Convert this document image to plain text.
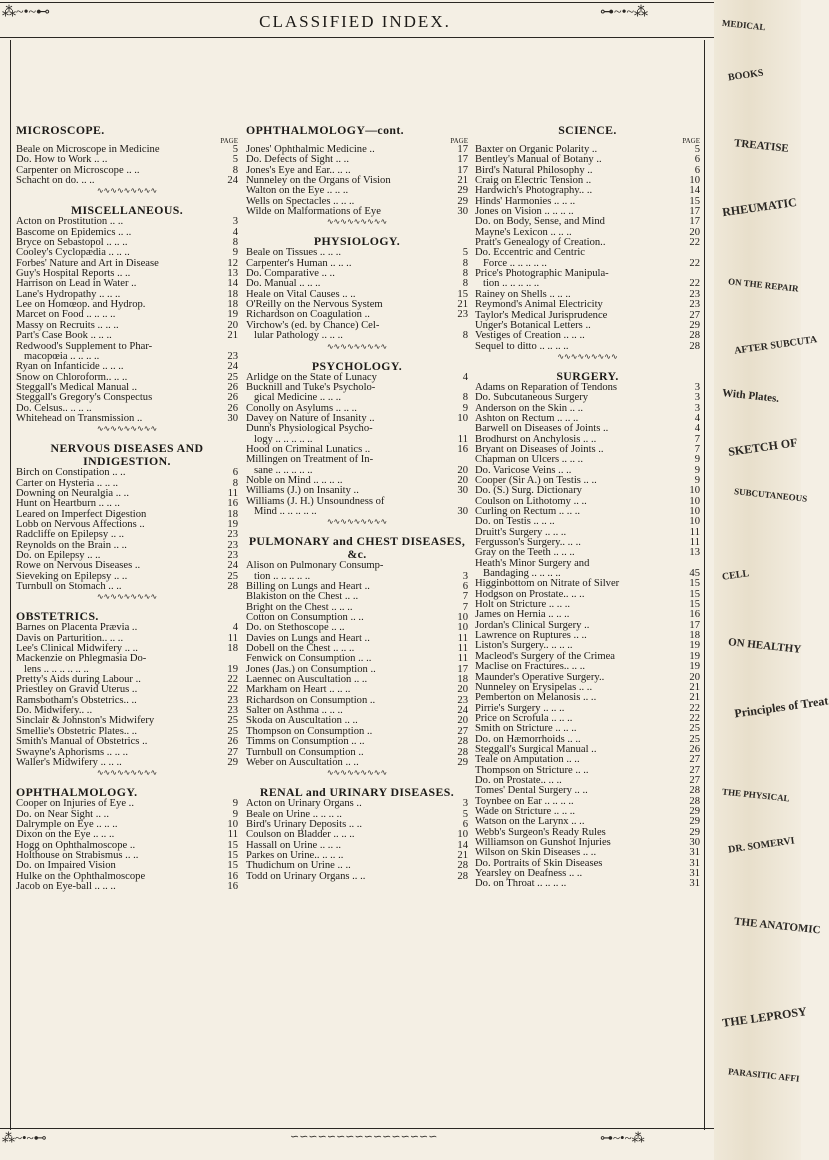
⁂~•~⊷	⊶~•~⁂
CLASSIFIED INDEX.
MICROSCOPE.
PAGE
Beale on Microscope in Medicine	5
Do. How to Work .. ..	5
Carpenter on Microscope .. ..	8
Schacht on do. .. ..	24
∿∿∿∿∿∿∿∿∿
MISCELLANEOUS.
Acton on Prostitution .. ..	3
Bascome on Epidemics .. ..	4
Bryce on Sebastopol .. .. ..	8
Cooley's Cyclopædia .. .. ..	9
Forbes' Nature and Art in Disease	12
Guy's Hospital Reports .. ..	13
Harrison on Lead in Water ..	14
Lane's Hydropathy .. .. ..	18
Lee on Homœop. and Hydrop.	18
Marcet on Food .. .. .. ..	19
Massy on Recruits .. .. ..	20
Part's Case Book .. .. ..	21
Redwood's Supplement to Phar-
macopœia .. .. .. ..	23
Ryan on Infanticide .. .. ..	24
Snow on Chloroform.. .. ..	25
Steggall's Medical Manual ..	26
Steggall's Gregory's Conspectus	26
Do. Celsus.. .. .. ..	26
Whitehead on Transmission ..	30
∿∿∿∿∿∿∿∿∿
NERVOUS DISEASES AND INDIGESTION.
Birch on Constipation .. ..	6
Carter on Hysteria .. .. ..	8
Downing on Neuralgia .. ..	11
Hunt on Heartburn .. .. ..	16
Leared on Imperfect Digestion	18
Lobb on Nervous Affections ..	19
Radcliffe on Epilepsy .. ..	23
Reynolds on the Brain .. ..	23
Do. on Epilepsy .. ..	23
Rowe on Nervous Diseases ..	24
Sieveking on Epilepsy .. ..	25
Turnbull on Stomach .. ..	28
∿∿∿∿∿∿∿∿∿
OBSTETRICS.
Barnes on Placenta Prævia ..	4
Davis on Parturition.. .. ..	11
Lee's Clinical Midwifery .. ..	18
Mackenzie on Phlegmasia Do-
lens .. .. .. .. .. ..	19
Pretty's Aids during Labour ..	22
Priestley on Gravid Uterus ..	22
Ramsbotham's Obstetrics.. ..	23
Do. Midwifery.. ..	23
Sinclair & Johnston's Midwifery	25
Smellie's Obstetric Plates.. ..	25
Smith's Manual of Obstetrics ..	26
Swayne's Aphorisms .. .. ..	27
Waller's Midwifery .. .. ..	29
∿∿∿∿∿∿∿∿∿
OPHTHALMOLOGY.
Cooper on Injuries of Eye ..	9
Do. on Near Sight .. ..	9
Dalrymple on Eye .. .. ..	10
Dixon on the Eye .. .. ..	11
Hogg on Ophthalmoscope ..	15
Holthouse on Strabismus .. ..	15
Do. on Impaired Vision	15
Hulke on the Ophthalmoscope	16
Jacob on Eye-ball .. .. ..	16
OPHTHALMOLOGY—cont.
PAGE
Jones' Ophthalmic Medicine ..	17
Do. Defects of Sight .. ..	17
Jones's Eye and Ear.. .. ..	17
Nunneley on the Organs of Vision	21
Walton on the Eye .. .. ..	29
Wells on Spectacles .. .. ..	29
Wilde on Malformations of Eye	30
∿∿∿∿∿∿∿∿∿
PHYSIOLOGY.
Beale on Tissues .. .. ..	5
Carpenter's Human .. .. ..	8
Do. Comparative .. ..	8
Do. Manual .. .. ..	8
Heale on Vital Causes .. ..	15
O'Reilly on the Nervous System	21
Richardson on Coagulation ..	23
Virchow's (ed. by Chance) Cel-
lular Pathology .. .. ..	8
∿∿∿∿∿∿∿∿∿
PSYCHOLOGY.
Arlidge on the State of Lunacy	4
Bucknill and Tuke's Psycholo-
gical Medicine .. .. ..	8
Conolly on Asylums .. .. ..	9
Davey on Nature of Insanity ..	10
Dunn's Physiological Psycho-
logy .. .. .. .. ..	11
Hood on Criminal Lunatics ..	16
Millingen on Treatment of In-
sane .. .. .. .. ..	20
Noble on Mind .. .. .. ..	20
Williams (J.) on Insanity ..	30
Williams (J. H.) Unsoundness of
Mind .. .. .. .. ..	30
∿∿∿∿∿∿∿∿∿
PULMONARY and CHEST DISEASES, &c.
Alison on Pulmonary Consump-
tion .. .. .. .. ..	3
Billing on Lungs and Heart ..	6
Blakiston on the Chest .. ..	7
Bright on the Chest .. .. ..	7
Cotton on Consumption .. ..	10
Do. on Stethoscope .. ..	10
Davies on Lungs and Heart ..	11
Dobell on the Chest .. .. ..	11
Fenwick on Consumption .. ..	11
Jones (Jas.) on Consumption ..	17
Laennec on Auscultation .. ..	18
Markham on Heart .. .. ..	20
Richardson on Consumption ..	23
Salter on Asthma .. .. ..	24
Skoda on Auscultation .. ..	20
Thompson on Consumption ..	27
Timms on Consumption .. ..	28
Turnbull on Consumption ..	28
Weber on Auscultation .. ..	29
∿∿∿∿∿∿∿∿∿
RENAL and URINARY DISEASES.
Acton on Urinary Organs ..	3
Beale on Urine .. .. .. ..	5
Bird's Urinary Deposits .. ..	6
Coulson on Bladder .. .. ..	10
Hassall on Urine .. .. ..	14
Parkes on Urine.. .. .. ..	21
Thudichum on Urine .. ..	28
Todd on Urinary Organs .. ..	28
SCIENCE.
PAGE
Baxter on Organic Polarity ..	5
Bentley's Manual of Botany ..	6
Bird's Natural Philosophy ..	6
Craig on Electric Tension ..	10
Hardwich's Photography.. ..	14
Hinds' Harmonies .. .. ..	15
Jones on Vision .. .. .. ..	17
Do. on Body, Sense, and Mind	17
Mayne's Lexicon .. .. ..	20
Pratt's Genealogy of Creation..	22
Do. Eccentric and Centric
Force .. .. .. .. ..	22
Price's Photographic Manipula-
tion .. .. .. .. ..	22
Rainey on Shells .. .. ..	23
Reymond's Animal Electricity	23
Taylor's Medical Jurisprudence	27
Unger's Botanical Letters ..	29
Vestiges of Creation .. .. ..	28
Sequel to ditto .. .. .. ..	28
∿∿∿∿∿∿∿∿∿
SURGERY.
Adams on Reparation of Tendons	3
Do. Subcutaneous Surgery	3
Anderson on the Skin .. ..	3
Ashton on Rectum .. .. ..	4
Barwell on Diseases of Joints ..	4
Brodhurst on Anchylosis .. ..	7
Bryant on Diseases of Joints ..	7
Chapman on Ulcers .. .. ..	9
Do. Varicose Veins .. ..	9
Cooper (Sir A.) on Testis .. ..	9
Do. (S.) Surg. Dictionary	10
Coulson on Lithotomy .. ..	10
Curling on Rectum .. .. ..	10
Do. on Testis .. .. ..	10
Druitt's Surgery .. .. ..	11
Fergusson's Surgery.. .. ..	11
Gray on the Teeth .. .. ..	13
Heath's Minor Surgery and
Bandaging .. .. .. ..	45
Higginbottom on Nitrate of Silver	15
Hodgson on Prostate.. .. ..	15
Holt on Stricture .. .. ..	15
James on Hernia .. .. ..	16
Jordan's Clinical Surgery ..	17
Lawrence on Ruptures .. ..	18
Liston's Surgery.. .. .. ..	19
Macleod's Surgery of the Crimea	19
Maclise on Fractures.. .. ..	19
Maunder's Operative Surgery..	20
Nunneley on Erysipelas .. ..	21
Pemberton on Melanosis .. ..	21
Pirrie's Surgery .. .. ..	22
Price on Scrofula .. .. ..	22
Smith on Stricture .. .. ..	25
Do. on Hæmorrhoids .. ..	25
Steggall's Surgical Manual ..	26
Teale on Amputation .. ..	27
Thompson on Stricture .. ..	27
Do. on Prostate.. .. ..	27
Tomes' Dental Surgery .. ..	28
Toynbee on Ear .. .. .. ..	28
Wade on Stricture .. .. ..	29
Watson on the Larynx .. ..	29
Webb's Surgeon's Ready Rules	29
Williamson on Gunshot Injuries	30
Wilson on Skin Diseases .. ..	31
Do. Portraits of Skin Diseases	31
Yearsley on Deafness .. ..	31
Do. on Throat .. .. .. ..	31
⁂~•~⊷	⊶~•~⁂
∽∽∽∽∽∽∽∽∽∽∽∽∽∽∽∽
MEDICAL
BOOKS
TREATISE
RHEUMATIC
ON THE REPAIR
AFTER SUBCUTA
With Plates.
SKETCH OF
SUBCUTANEOUS
CELL
ON HEALTHY
Principles of Treat
THE PHYSICAL
DR. SOMERVI
THE ANATOMIC
THE LEPROSY
PARASITIC AFFI
